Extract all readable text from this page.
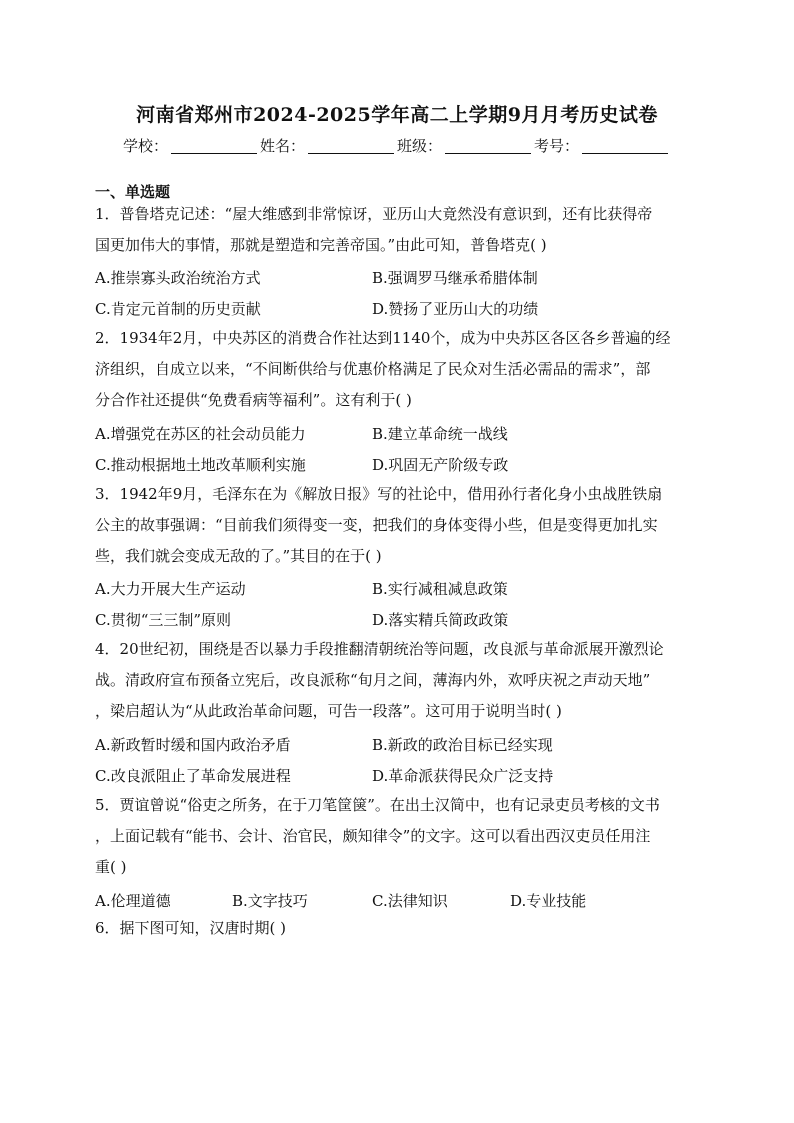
河南省郑州市2024-2025学年高二上学期9月月考历史试卷
学校：	姓名：	班级：	考号：
一、单选题

1．普鲁塔克记述：“屋大维感到非常惊讶，亚历山大竟然没有意识到，还有比获得帝

国更加伟大的事情，那就是塑造和完善帝国。”由此可知，普鲁塔克( )

A.推崇寡头政治统治方式	B.强调罗马继承希腊体制
C.肯定元首制的历史贡献	D.赞扬了亚历山大的功绩

2．1934年2月，中央苏区的消费合作社达到1140个，成为中央苏区各区各乡普遍的经

济组织，自成立以来，“不间断供给与优惠价格满足了民众对生活必需品的需求”，部

分合作社还提供“免费看病等福利”。这有利于( )

A.增强党在苏区的社会动员能力	B.建立革命统一战线
C.推动根据地土地改革顺利实施	D.巩固无产阶级专政

3．1942年9月，毛泽东在为《解放日报》写的社论中，借用孙行者化身小虫战胜铁扇

公主的故事强调：“目前我们须得变一变，把我们的身体变得小些，但是变得更加扎实

些，我们就会变成无敌的了。”其目的在于( )

A.大力开展大生产运动	B.实行减租减息政策
C.贯彻“三三制”原则	D.落实精兵简政政策

4．20世纪初，围绕是否以暴力手段推翻清朝统治等问题，改良派与革命派展开激烈论

战。清政府宣布预备立宪后，改良派称“旬月之间，薄海内外，欢呼庆祝之声动天地”

，梁启超认为“从此政治革命问题，可告一段落”。这可用于说明当时( )

A.新政暂时缓和国内政治矛盾	B.新政的政治目标已经实现
C.改良派阻止了革命发展进程	D.革命派获得民众广泛支持

5．贾谊曾说“俗吏之所务，在于刀笔筐箧”。在出土汉简中，也有记录吏员考核的文书

，上面记载有“能书、会计、治官民，颇知律令”的文字。这可以看出西汉吏员任用注

重( )

A.伦理道德	B.文字技巧	C.法律知识	D.专业技能

6．据下图可知，汉唐时期( )
